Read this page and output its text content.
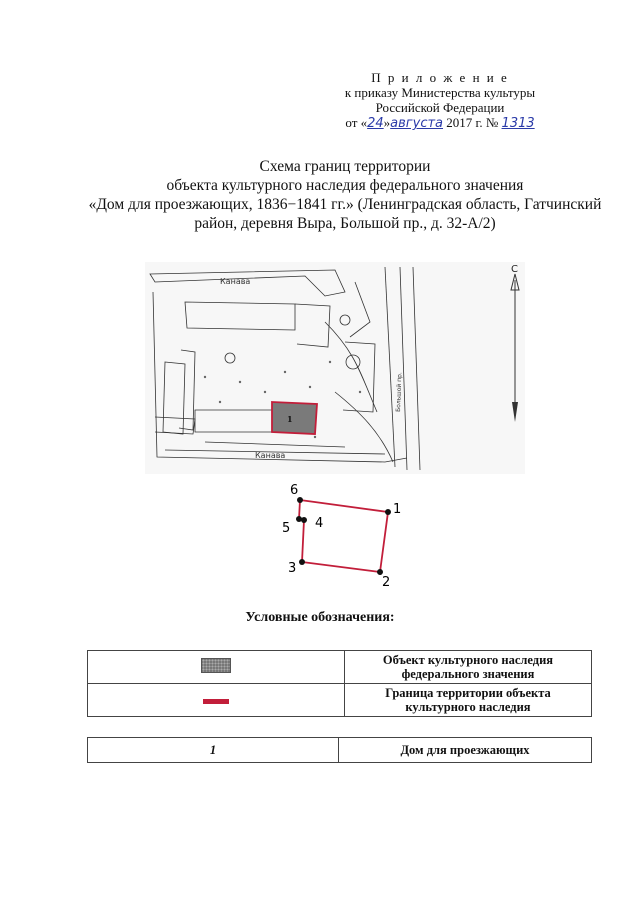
П р и л о ж е н и е
к приказу Министерства культуры
Российской Федерации
от «24»августа 2017 г. № 1313
Схема границ территории
объекта культурного наследия федерального значения
«Дом для проезжающих, 1836−1841 гг.» (Ленинградская область, Гатчинский
район, деревня Выра, Большой пр., д. 32-А/2)
Канава
Канава
Большой пр.
1
С
1
2
3
4
5
6
Условные обозначения:
	Объект культурного наследия федерального значения
	Граница территории объекта культурного наследия
1	Дом для проезжающих
